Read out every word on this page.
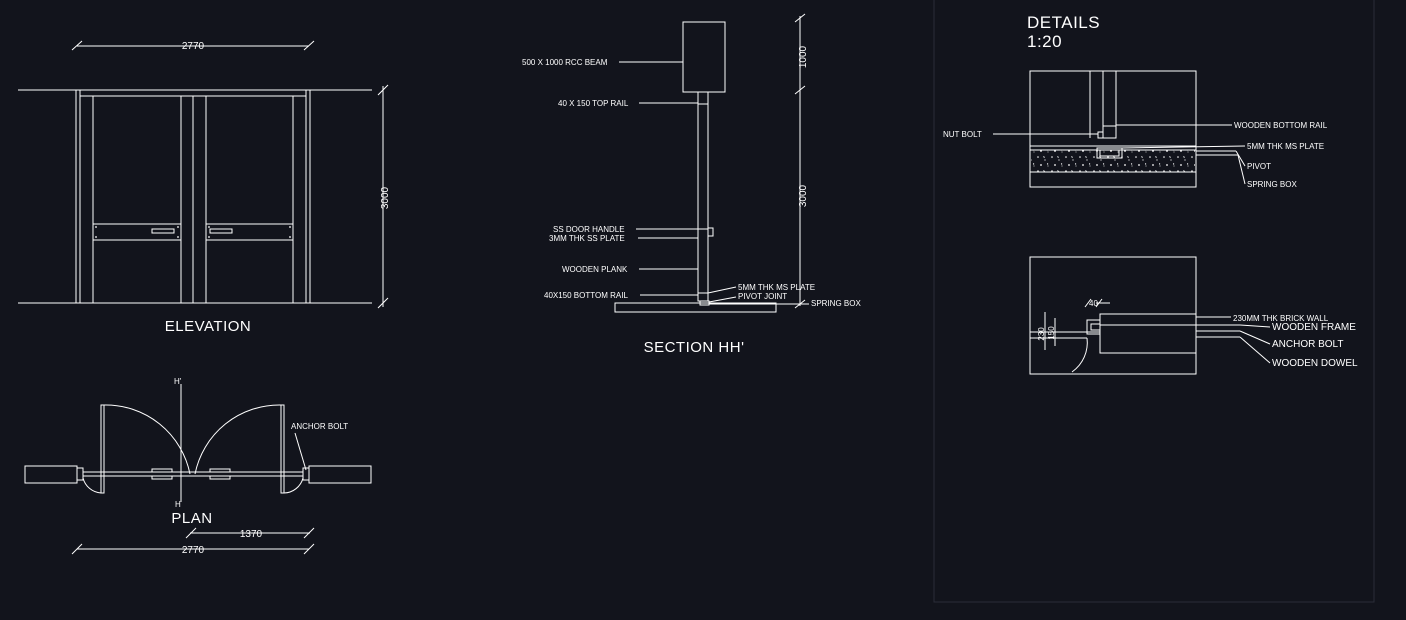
2770
3000
ELEVATION
H'
H
ANCHOR BOLT
PLAN
1370
2770
1000
3000
500 X 1000 RCC BEAM
40 X 150 TOP RAIL
SS DOOR HANDLE
3MM THK SS PLATE
WOODEN PLANK
40X150 BOTTOM RAIL
5MM THK MS PLATE
PIVOT JOINT
SPRING BOX
SECTION HH'
DETAILS
1:20
NUT BOLT
WOODEN BOTTOM RAIL
5MM THK MS PLATE
PIVOT
SPRING BOX
40
230 150
230MM THK BRICK WALL
WOODEN FRAME
ANCHOR BOLT
WOODEN DOWEL
